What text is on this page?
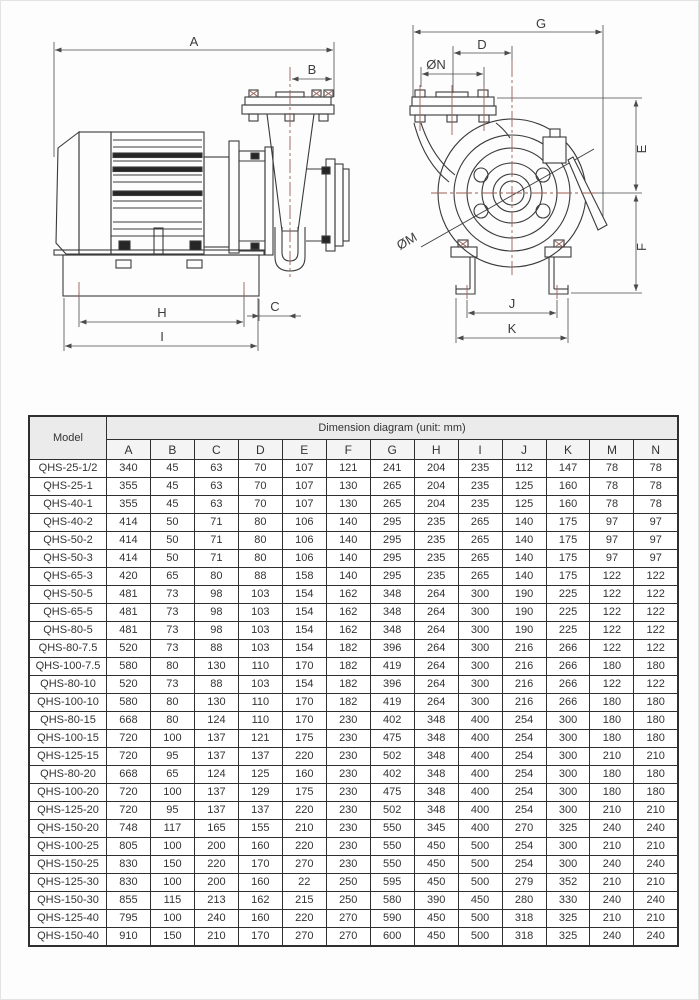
A
B
C
H
I
G
D
ØN
E
F
ØM
J
K
Model	Dimension diagram (unit: mm)												
	A	B	C	D	E	F	G	H	I	J	K	M	N
QHS-25-1/2	340	45	63	70	107	121	241	204	235	112	147	78	78
QHS-25-1	355	45	63	70	107	130	265	204	235	125	160	78	78
QHS-40-1	355	45	63	70	107	130	265	204	235	125	160	78	78
QHS-40-2	414	50	71	80	106	140	295	235	265	140	175	97	97
QHS-50-2	414	50	71	80	106	140	295	235	265	140	175	97	97
QHS-50-3	414	50	71	80	106	140	295	235	265	140	175	97	97
QHS-65-3	420	65	80	88	158	140	295	235	265	140	175	122	122
QHS-50-5	481	73	98	103	154	162	348	264	300	190	225	122	122
QHS-65-5	481	73	98	103	154	162	348	264	300	190	225	122	122
QHS-80-5	481	73	98	103	154	162	348	264	300	190	225	122	122
QHS-80-7.5	520	73	88	103	154	182	396	264	300	216	266	122	122
QHS-100-7.5	580	80	130	110	170	182	419	264	300	216	266	180	180
QHS-80-10	520	73	88	103	154	182	396	264	300	216	266	122	122
QHS-100-10	580	80	130	110	170	182	419	264	300	216	266	180	180
QHS-80-15	668	80	124	110	170	230	402	348	400	254	300	180	180
QHS-100-15	720	100	137	121	175	230	475	348	400	254	300	180	180
QHS-125-15	720	95	137	137	220	230	502	348	400	254	300	210	210
QHS-80-20	668	65	124	125	160	230	402	348	400	254	300	180	180
QHS-100-20	720	100	137	129	175	230	475	348	400	254	300	180	180
QHS-125-20	720	95	137	137	220	230	502	348	400	254	300	210	210
QHS-150-20	748	117	165	155	210	230	550	345	400	270	325	240	240
QHS-100-25	805	100	200	160	220	230	550	450	500	254	300	210	210
QHS-150-25	830	150	220	170	270	230	550	450	500	254	300	240	240
QHS-125-30	830	100	200	160	22	250	595	450	500	279	352	210	210
QHS-150-30	855	115	213	162	215	250	580	390	450	280	330	240	240
QHS-125-40	795	100	240	160	220	270	590	450	500	318	325	210	210
QHS-150-40	910	150	210	170	270	270	600	450	500	318	325	240	240
